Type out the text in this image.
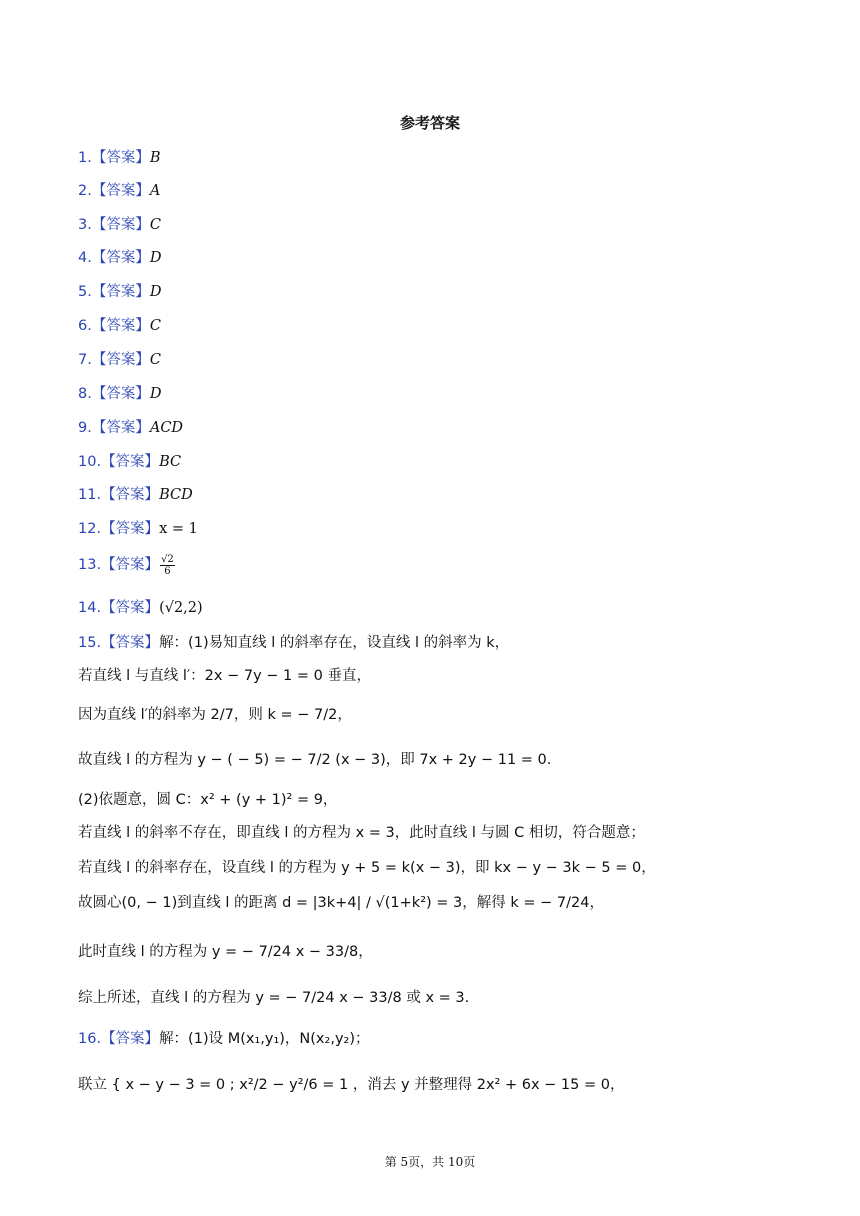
参考答案
1.【答案】B
2.【答案】A
3.【答案】C
4.【答案】D
5.【答案】D
6.【答案】C
7.【答案】C
8.【答案】D
9.【答案】ACD
10.【答案】BC
11.【答案】BCD
12.【答案】x = 1
13.【答案】 $\frac{√2}{6}$
14.【答案】(√2,2)
15.【答案】解：(1)易知直线 l 的斜率存在，设直线 l 的斜率为 k，
若直线 l 与直线 l′：2x − 7y − 1 = 0 垂直，
因为直线 l′的斜率为 2/7，则 k = − 7/2，
故直线 l 的方程为 y − ( − 5) = − 7/2 (x − 3)，即 7x + 2y − 11 = 0.
(2)依题意，圆 C：x² + (y + 1)² = 9，
若直线 l 的斜率不存在，即直线 l 的方程为 x = 3，此时直线 l 与圆 C 相切，符合题意；
若直线 l 的斜率存在，设直线 l 的方程为 y + 5 = k(x − 3)，即 kx − y − 3k − 5 = 0，
故圆心(0, − 1)到直线 l 的距离 d = |3k+4| / √(1+k²) = 3，解得 k = − 7/24，
此时直线 l 的方程为 y = − 7/24 x − 33/8，
综上所述，直线 l 的方程为 y = − 7/24 x − 33/8 或 x = 3.
16.【答案】解：(1)设 M(x₁,y₁)，N(x₂,y₂)；
联立 { x − y − 3 = 0 ; x²/2 − y²/6 = 1 ，消去 y 并整理得 2x² + 6x − 15 = 0，
第 5页，共 10页
